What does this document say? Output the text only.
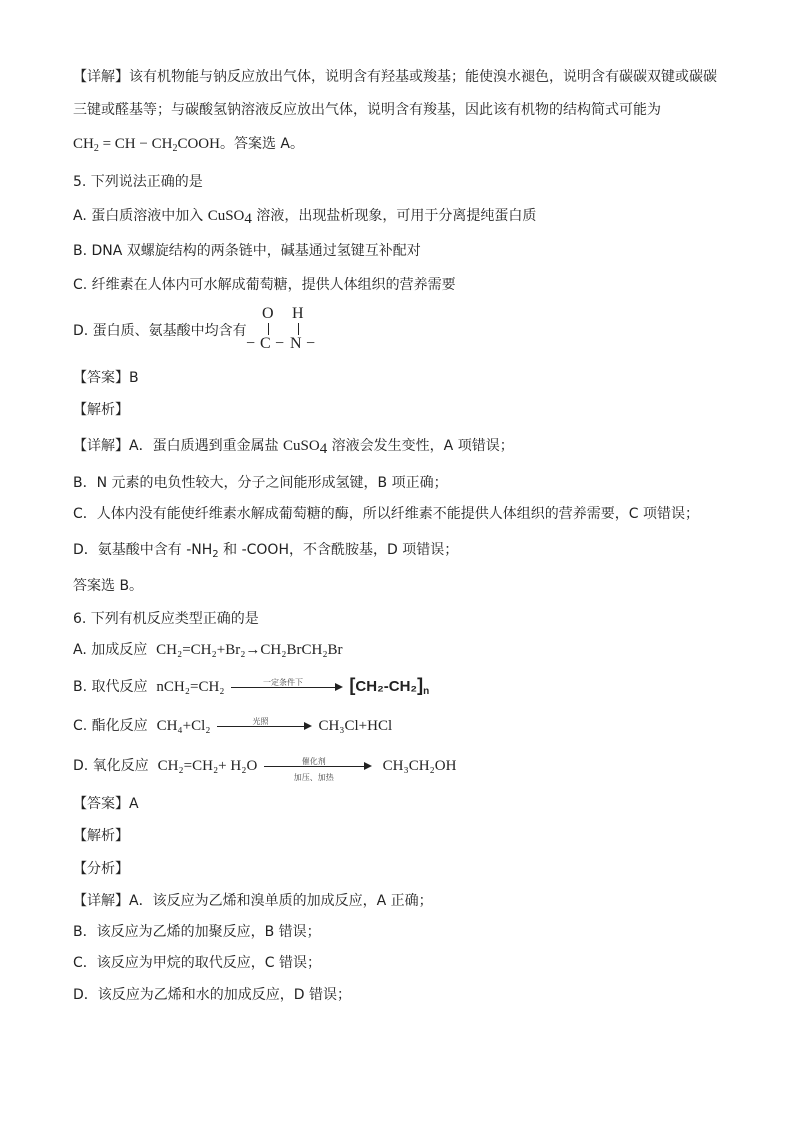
【详解】该有机物能与钠反应放出气体，说明含有羟基或羧基；能使溴水褪色，说明含有碳碳双键或碳碳
三键或醛基等；与碳酸氢钠溶液反应放出气体，说明含有羧基，因此该有机物的结构简式可能为
$CH_2$ = CH − $CH_2COOH$。答案选 A。
5. 下列说法正确的是
A. 蛋白质溶液中加入 CuSO$_4$ 溶液，出现盐析现象，可用于分离提纯蛋白质
B. DNA 双螺旋结构的两条链中，碱基通过氢键互补配对
C. 纤维素在人体内可水解成葡萄糖，提供人体组织的营养需要
D. 蛋白质、氨基酸中均含有
O H
− C − N −
【答案】B
【解析】
【详解】A．蛋白质遇到重金属盐 CuSO$_4$ 溶液会发生变性，A 项错误；
B．N 元素的电负性较大，分子之间能形成氢键，B 项正确；
C．人体内没有能使纤维素水解成葡萄糖的酶，所以纤维素不能提供人体组织的营养需要，C 项错误；
D．氨基酸中含有 $-NH_2$ 和 -COOH，不含酰胺基，D 项错误；
答案选 B。
6. 下列有机反应类型正确的是
A. 加成反应 CH₂=CH₂+Br₂→CH₂BrCH₂Br
B. 取代反应 nCH₂=CH₂	一定条件下	$[CH_2-CH_2]_n$
C. 酯化反应 CH₄+Cl₂	光照	CH₃Cl+HCl
D. 氧化反应 CH₂=CH₂+ H₂O	催化剂
加压、加热
CH₃CH₂OH
【答案】A
【解析】
【分析】
【详解】A．该反应为乙烯和溴单质的加成反应，A 正确；
B．该反应为乙烯的加聚反应，B 错误；
C．该反应为甲烷的取代反应，C 错误；
D．该反应为乙烯和水的加成反应，D 错误；
